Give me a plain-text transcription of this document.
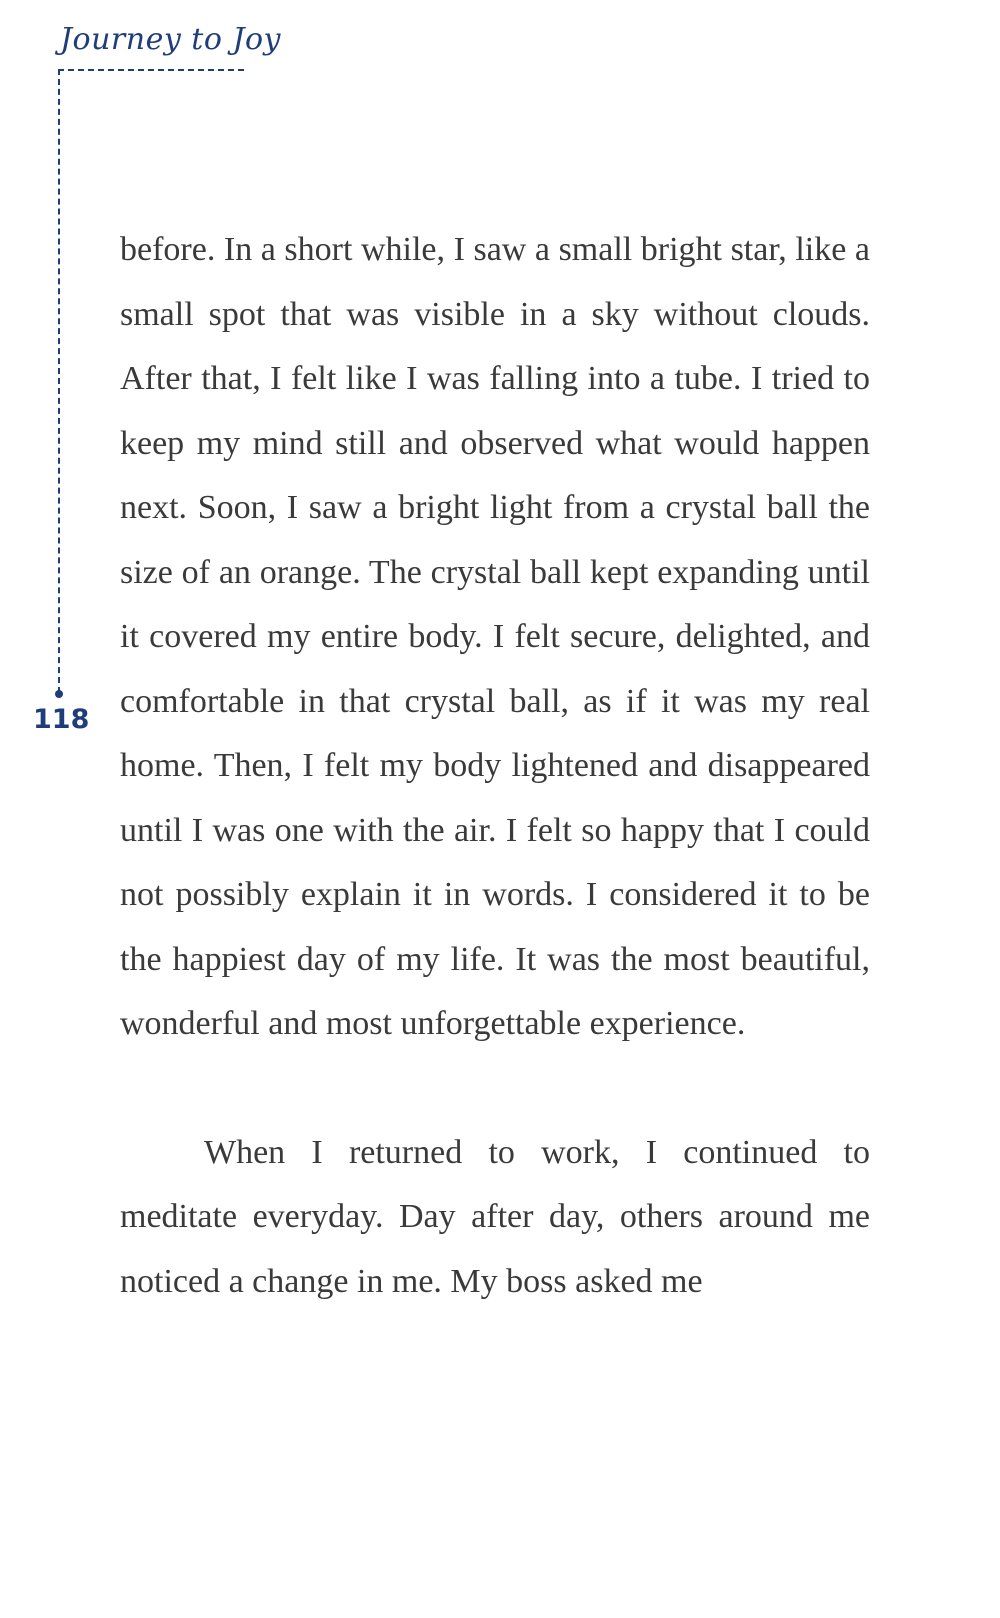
Journey to Joy
118

before. In a short while, I saw a small bright star, like a small spot that was visible in a sky without clouds. After that, I felt like I was falling into a tube. I tried to keep my mind still and observed what would happen next. Soon, I saw a bright light from a crystal ball the size of an orange. The crystal ball kept expanding until it covered my entire body. I felt secure, delighted, and comfortable in that crystal ball, as if it was my real home. Then, I felt my body lightened and disappeared until I was one with the air. I felt so happy that I could not possibly explain it in words. I considered it to be the happiest day of my life. It was the most beautiful, wonderful and most unforgettable experience.

When I returned to work, I continued to meditate everyday. Day after day, others around me noticed a change in me. My boss asked me
